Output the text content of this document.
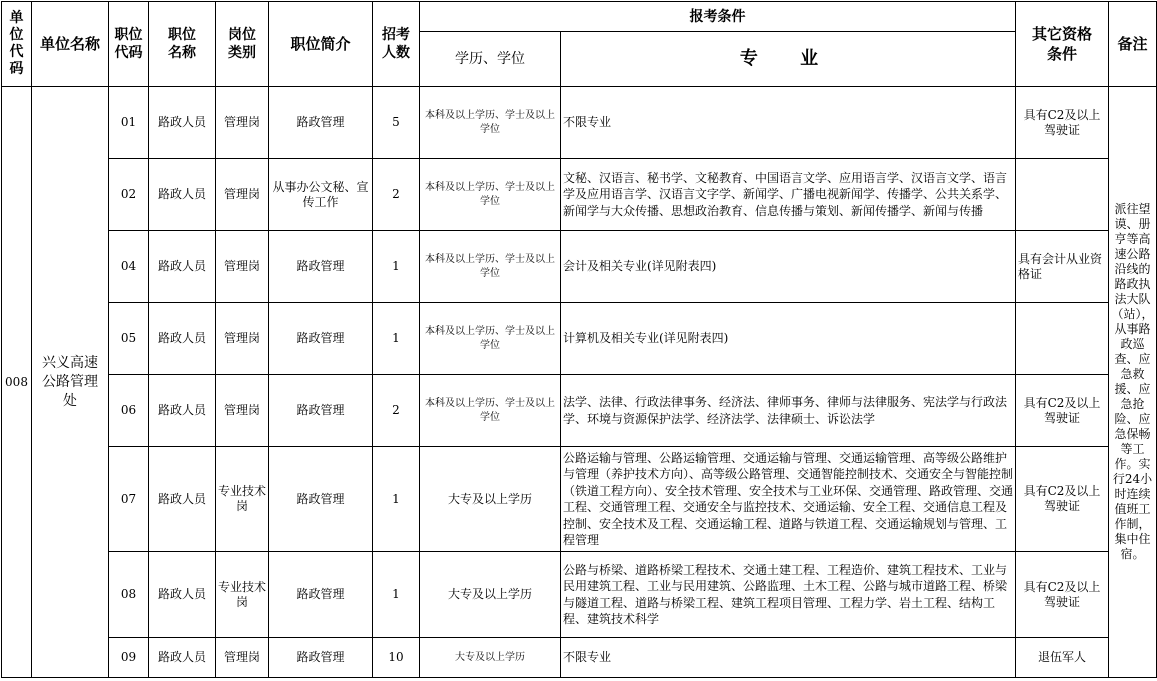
单位代码	单位名称	职位代码	职位名称	岗位类别	职位简介	招考人数	报考条件		其它资格条件	备注
							学历、学位	专 业		
008	兴义高速公路管理处	01	路政人员	管理岗	路政管理	5	本科及以上学历、学士及以上学位	不限专业	具有C2及以上驾驶证	派往望谟、册亨等高速公路沿线的路政执法大队（站），从事路政巡查、应急救援、应急抢险、应急保畅等工作。实行24小时连续值班工作制，集中住宿。
		02	路政人员	管理岗	从事办公文秘、宣传工作	2	本科及以上学历、学士及以上学位	文秘、汉语言、秘书学、文秘教育、中国语言文学、应用语言学、汉语言文学、语言学及应用语言学、汉语言文字学、新闻学、广播电视新闻学、传播学、公共关系学、新闻学与大众传播、思想政治教育、信息传播与策划、新闻传播学、新闻与传播		
		04	路政人员	管理岗	路政管理	1	本科及以上学历、学士及以上学位	会计及相关专业(详见附表四)	具有会计从业资格证	
		05	路政人员	管理岗	路政管理	1	本科及以上学历、学士及以上学位	计算机及相关专业(详见附表四)		
		06	路政人员	管理岗	路政管理	2	本科及以上学历、学士及以上学位	法学、法律、行政法律事务、经济法、律师事务、律师与法律服务、宪法学与行政法学、环境与资源保护法学、经济法学、法律硕士、诉讼法学	具有C2及以上驾驶证	
		07	路政人员	专业技术岗	路政管理	1	大专及以上学历	公路运输与管理、公路运输管理、交通运输与管理、交通运输管理、高等级公路维护与管理（养护技术方向）、高等级公路管理、交通智能控制技术、交通安全与智能控制（铁道工程方向）、安全技术管理、安全技术与工业环保、交通管理、路政管理、交通工程、交通管理工程、交通安全与监控技术、交通运输、安全工程、交通信息工程及控制、安全技术及工程、交通运输工程、道路与铁道工程、交通运输规划与管理、工程管理	具有C2及以上驾驶证	
		08	路政人员	专业技术岗	路政管理	1	大专及以上学历	公路与桥梁、道路桥梁工程技术、交通土建工程、工程造价、建筑工程技术、工业与民用建筑工程、工业与民用建筑、公路监理、土木工程、公路与城市道路工程、桥梁与隧道工程、道路与桥梁工程、建筑工程项目管理、工程力学、岩土工程、结构工程、建筑技术科学	具有C2及以上驾驶证	
		09	路政人员	管理岗	路政管理	10	大专及以上学历	不限专业	退伍军人	
